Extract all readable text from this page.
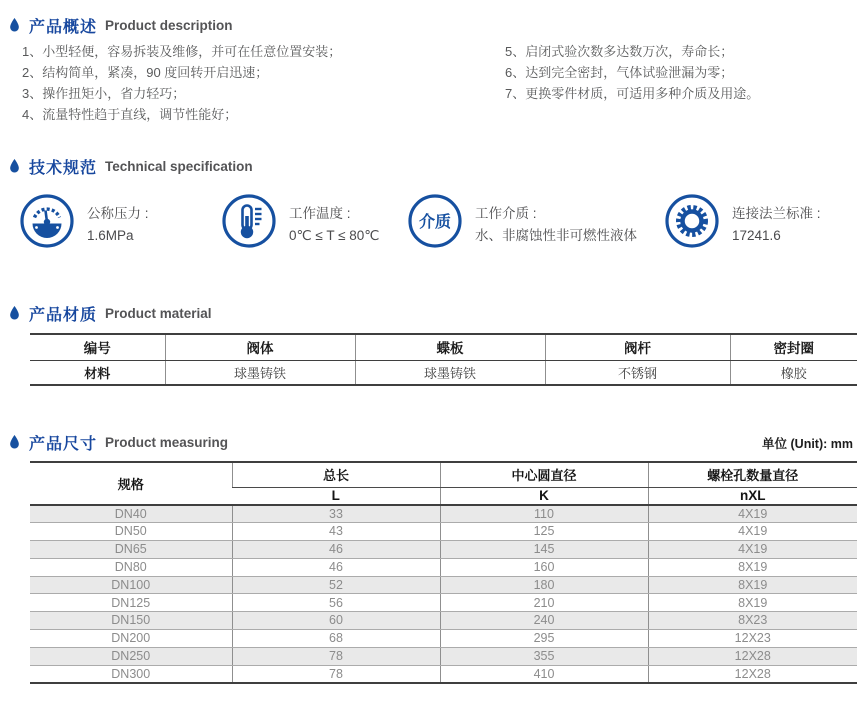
产品概述 Product description
1、小型轻便，容易拆装及维修，并可在任意位置安装；
2、结构简单，紧凑，90 度回转开启迅速；
3、操作扭矩小，省力轻巧；
4、流量特性趋于直线，调节性能好；
5、启闭式验次数多达数万次，寿命长；
6、达到完全密封，气体试验泄漏为零；
7、更换零件材质，可适用多种介质及用途。
技术规范 Technical specification
公称压力 :
1.6MPa
工作温度 :
0℃ ≤ T ≤ 80℃
介质
工作介质 :
水、非腐蚀性非可燃性液体
连接法兰标准 :
17241.6
产品材质 Product material
编号	阀体	蝶板	阀杆	密封圈
材料	球墨铸铁	球墨铸铁	不锈钢	橡胶
产品尺寸 Product measuring	单位 (Unit): mm
规格	总长	中心圆直径	螺栓孔数量直径
	L	K	nXL
DN40	33	110	4X19
DN50	43	125	4X19
DN65	46	145	4X19
DN80	46	160	8X19
DN100	52	180	8X19
DN125	56	210	8X19
DN150	60	240	8X23
DN200	68	295	12X23
DN250	78	355	12X28
DN300	78	410	12X28
